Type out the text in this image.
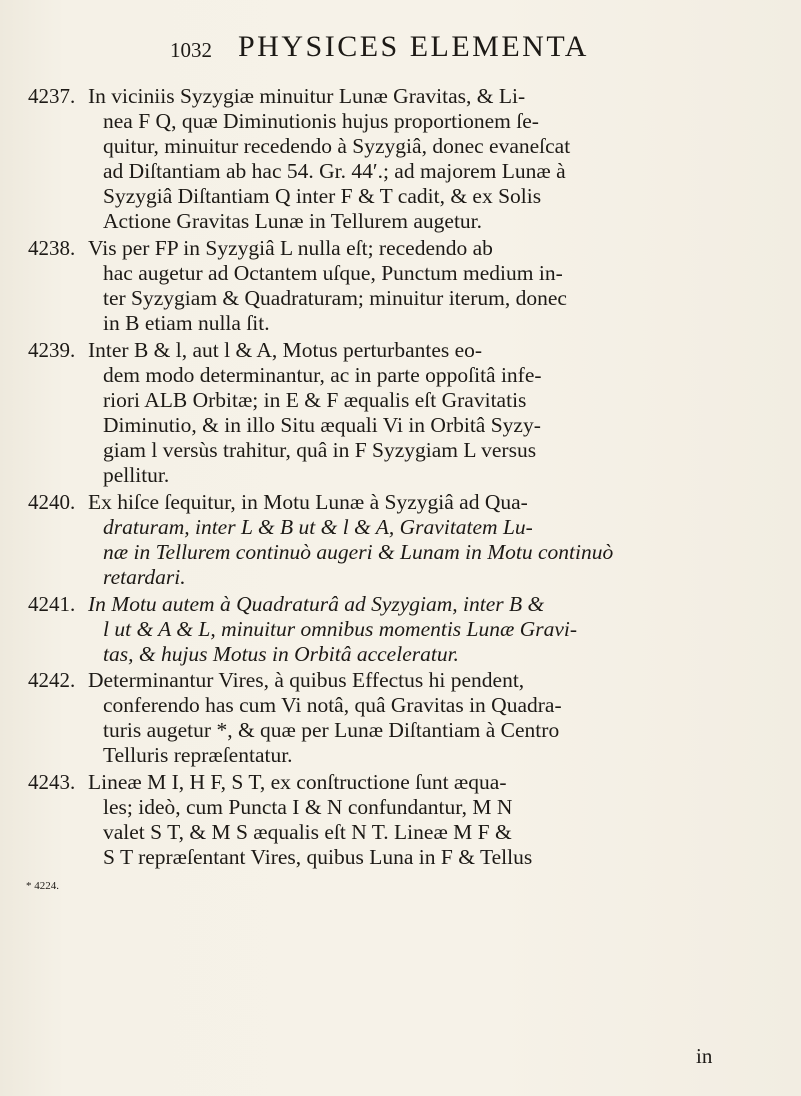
1032 PHYSICES ELEMENTA
4237. In viciniis Syzygiæ minuitur Lunæ Gravitas, & Li-
nea F Q, quæ Diminutionis hujus proportionem ſe-
quitur, minuitur recedendo à Syzygiâ, donec evaneſcat
ad Diſtantiam ab hac 54. Gr. 44′.; ad majorem Lunæ à
Syzygiâ Diſtantiam Q inter F & T cadit, & ex Solis
Actione Gravitas Lunæ in Tellurem augetur.
4238. Vis per FP in Syzygiâ L nulla eſt; recedendo ab
hac augetur ad Octantem uſque, Punctum medium in-
ter Syzygiam & Quadraturam; minuitur iterum, donec
in B etiam nulla ſit.
4239. Inter B & l, aut l & A, Motus perturbantes eo-
dem modo determinantur, ac in parte oppoſitâ infe-
riori ALB Orbitæ; in E & F æqualis eſt Gravitatis
Diminutio, & in illo Situ æquali Vi in Orbitâ Syzy-
giam l versùs trahitur, quâ in F Syzygiam L versus
pellitur.
4240. Ex hiſce ſequitur, in Motu Lunæ à Syzygiâ ad Qua-
draturam, inter L & B ut & l & A, Gravitatem Lu-
næ in Tellurem continuò augeri & Lunam in Motu continuò
retardari.
4241. In Motu autem à Quadraturâ ad Syzygiam, inter B &
l ut & A & L, minuitur omnibus momentis Lunæ Gravi-
tas, & hujus Motus in Orbitâ acceleratur.
4242. Determinantur Vires, à quibus Effectus hi pendent,
conferendo has cum Vi notâ, quâ Gravitas in Quadra-
turis augetur *, & quæ per Lunæ Diſtantiam à Centro
Telluris repræſentatur.
4243. Lineæ M I, H F, S T, ex conſtructione ſunt æqua-
les; ideò, cum Puncta I & N confundantur, M N
valet S T, & M S æqualis eſt N T. Lineæ M F &
S T repræſentant Vires, quibus Luna in F & Tellus
* 4224.
in
